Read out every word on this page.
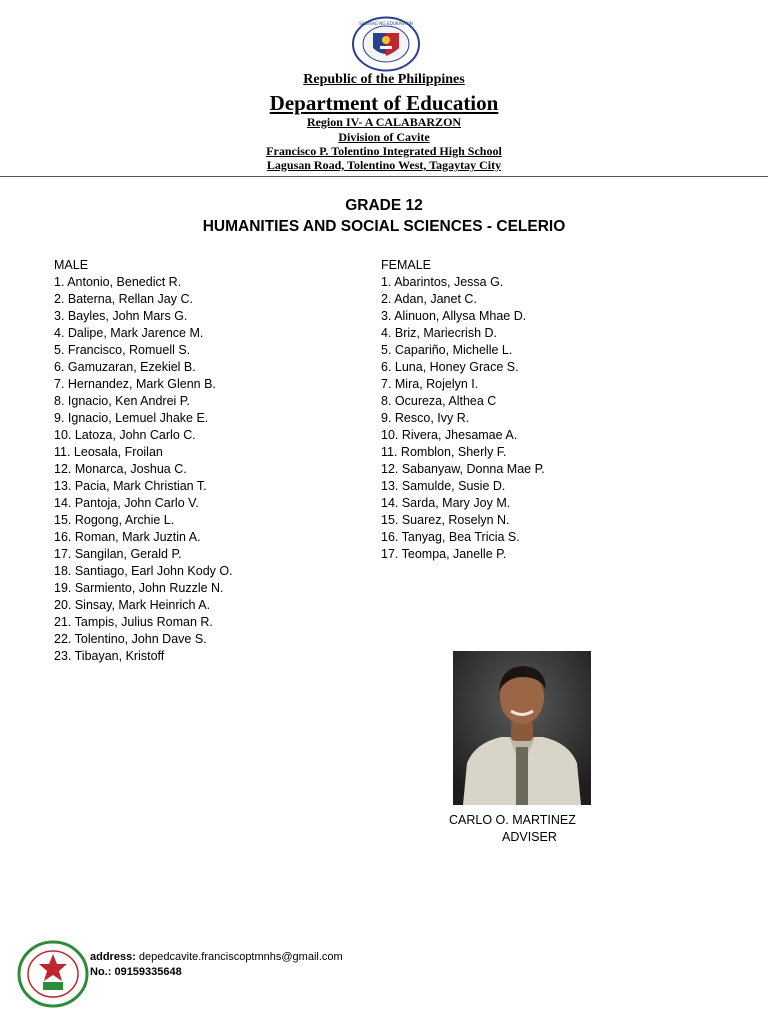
SAGISAG NG EDUKASYON
Republic of the Philippines
Department of Education
Region IV- A CALABARZON
Division of Cavite
Francisco P. Tolentino Integrated High School
Lagusan Road, Tolentino West, Tagaytay City
GRADE 12
HUMANITIES AND SOCIAL SCIENCES - CELERIO
MALE
1. Antonio, Benedict R.
2. Baterna, Rellan Jay C.
3. Bayles, John Mars G.
4. Dalipe, Mark Jarence M.
5. Francisco, Romuell S.
6. Gamuzaran, Ezekiel B.
7. Hernandez, Mark Glenn B.
8. Ignacio, Ken Andrei P.
9. Ignacio, Lemuel Jhake E.
10. Latoza, John Carlo C.
11. Leosala, Froilan
12. Monarca, Joshua C.
13. Pacia, Mark Christian T.
14. Pantoja, John Carlo V.
15. Rogong, Archie L.
16. Roman, Mark Juztin A.
17. Sangilan, Gerald P.
18. Santiago, Earl John Kody O.
19. Sarmiento, John Ruzzle N.
20. Sinsay, Mark Heinrich A.
21. Tampis, Julius Roman R.
22. Tolentino, John Dave S.
23. Tibayan, Kristoff
FEMALE
1. Abarintos, Jessa G.
2. Adan, Janet C.
3. Alinuon, Allysa Mhae D.
4. Briz, Mariecrish D.
5. Capariño, Michelle L.
6. Luna, Honey Grace S.
7. Mira, Rojelyn I.
8. Ocureza, Althea C
9. Resco, Ivy R.
10. Rivera, Jhesamae A.
11. Romblon, Sherly F.
12. Sabanyaw, Donna Mae P.
13. Samulde, Susie D.
14. Sarda, Mary Joy M.
15. Suarez, Roselyn N.
16. Tanyag, Bea Tricia S.
17. Teompa, Janelle P.
CARLO O. MARTINEZ
ADVISER
address: depedcavite.franciscoptmnhs@gmail.com
No.: 09159335648
